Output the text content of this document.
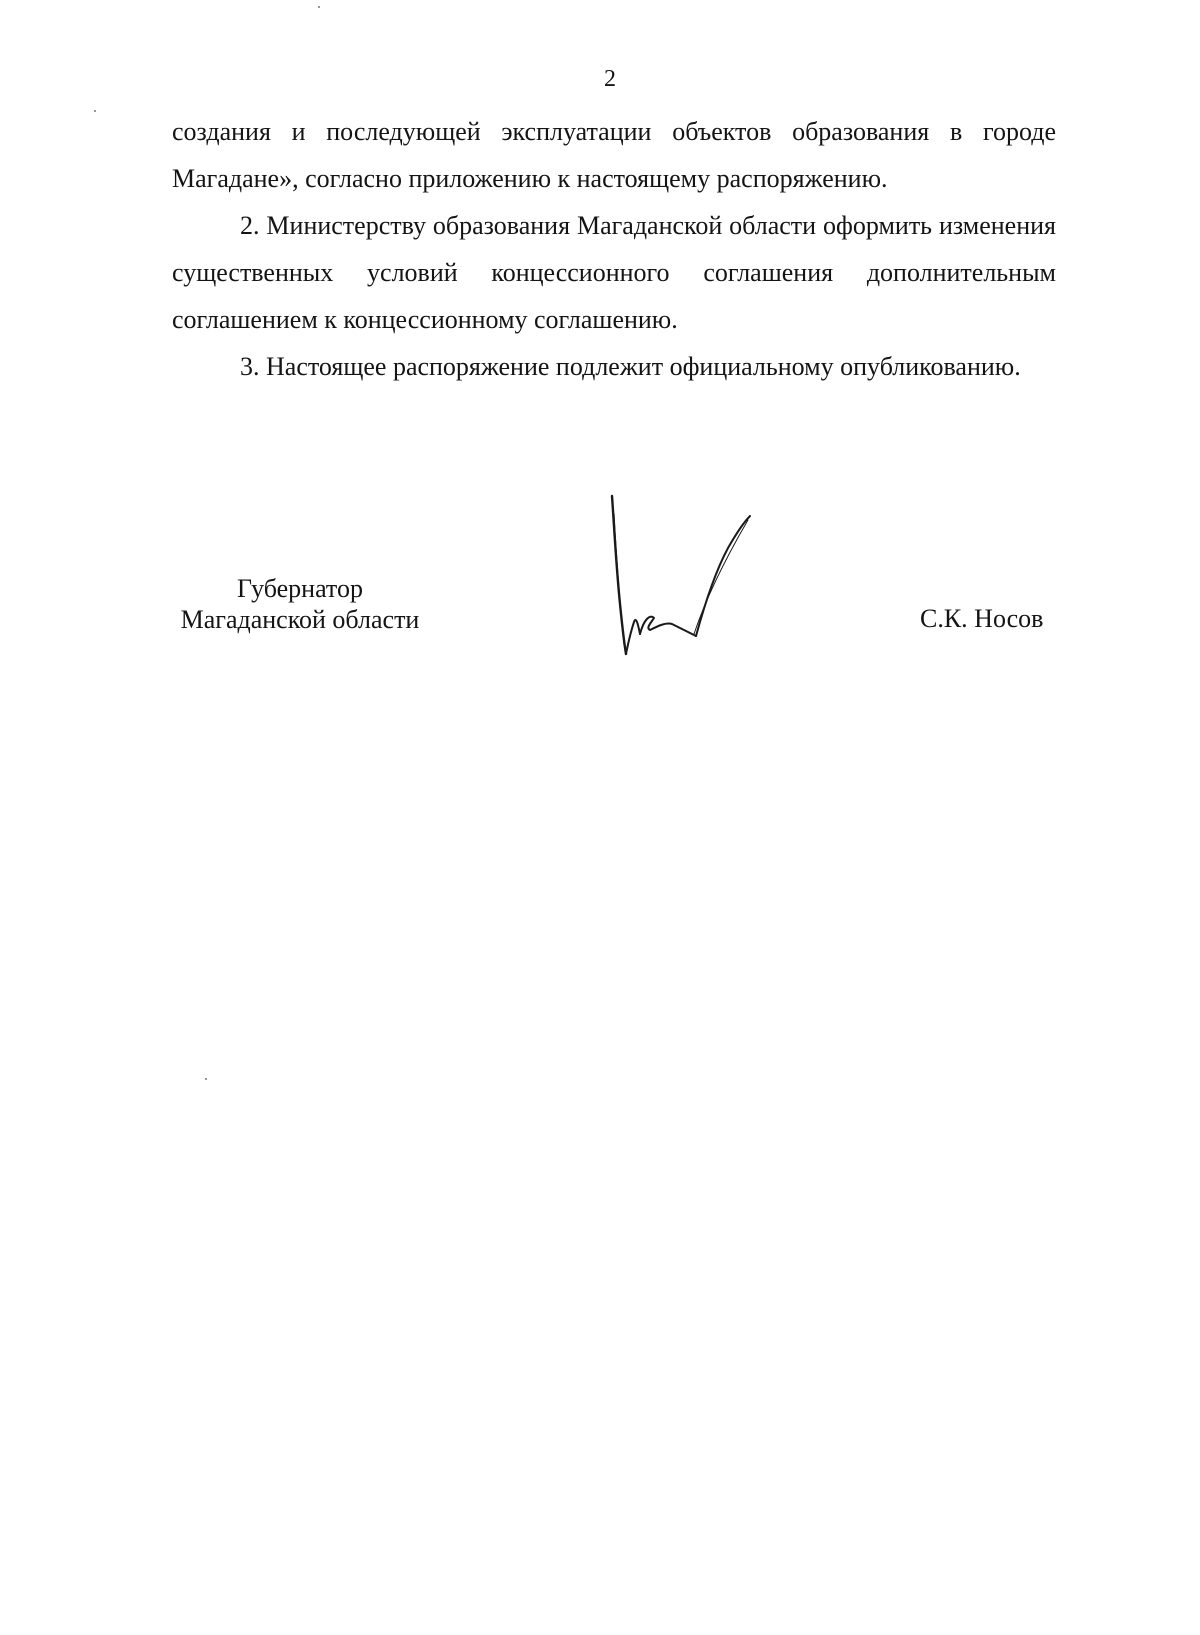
2

создания и последующей эксплуатации объектов образования в городе Магадане», согласно приложению к настоящему распоряжению.

2. Министерству образования Магаданской области оформить изменения существенных условий концессионного соглашения дополнительным соглашением к концессионному соглашению.

3. Настоящее распоряжение подлежит официальному опубликованию.

Губернатор
Магаданской области	С.К. Носов
